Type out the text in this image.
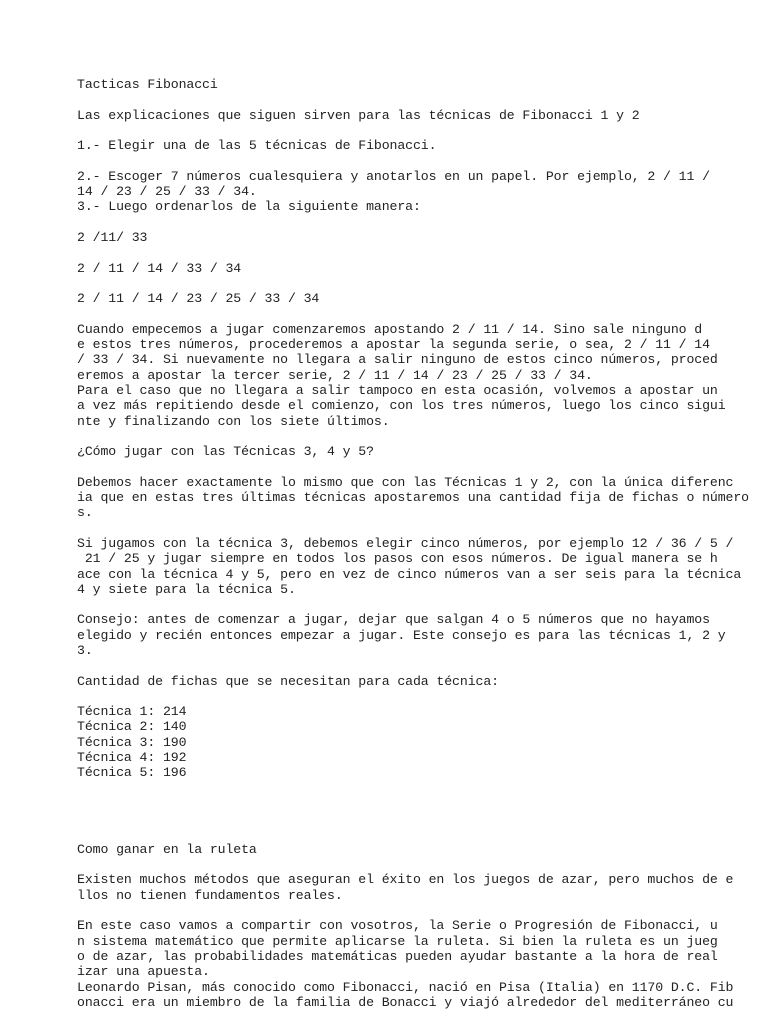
Tacticas Fibonacci
Las explicaciones que siguen sirven para las técnicas de Fibonacci 1 y 2
1.- Elegir una de las 5 técnicas de Fibonacci.
2.- Escoger 7 números cualesquiera y anotarlos en un papel. Por ejemplo, 2 / 11 /
14 / 23 / 25 / 33 / 34.
3.- Luego ordenarlos de la siguiente manera:
2 /11/ 33
2 / 11 / 14 / 33 / 34
2 / 11 / 14 / 23 / 25 / 33 / 34
Cuando empecemos a jugar comenzaremos apostando 2 / 11 / 14. Sino sale ninguno d
e estos tres números, procederemos a apostar la segunda serie, o sea, 2 / 11 / 14
/ 33 / 34. Si nuevamente no llegara a salir ninguno de estos cinco números, proced
eremos a apostar la tercer serie, 2 / 11 / 14 / 23 / 25 / 33 / 34.
Para el caso que no llegara a salir tampoco en esta ocasión, volvemos a apostar un
a vez más repitiendo desde el comienzo, con los tres números, luego los cinco sigui
nte y finalizando con los siete últimos.
¿Cómo jugar con las Técnicas 3, 4 y 5?
Debemos hacer exactamente lo mismo que con las Técnicas 1 y 2, con la única diferenc
ia que en estas tres últimas técnicas apostaremos una cantidad fija de fichas o número
s.
Si jugamos con la técnica 3, debemos elegir cinco números, por ejemplo 12 / 36 / 5 /
21 / 25 y jugar siempre en todos los pasos con esos números. De igual manera se h
ace con la técnica 4 y 5, pero en vez de cinco números van a ser seis para la técnica
4 y siete para la técnica 5.
Consejo: antes de comenzar a jugar, dejar que salgan 4 o 5 números que no hayamos
elegido y recién entonces empezar a jugar. Este consejo es para las técnicas 1, 2 y
3.
Cantidad de fichas que se necesitan para cada técnica:
Técnica 1: 214
Técnica 2: 140
Técnica 3: 190
Técnica 4: 192
Técnica 5: 196
Como ganar en la ruleta
Existen muchos métodos que aseguran el éxito en los juegos de azar, pero muchos de e
llos no tienen fundamentos reales.
En este caso vamos a compartir con vosotros, la Serie o Progresión de Fibonacci, u
n sistema matemático que permite aplicarse la ruleta. Si bien la ruleta es un jueg
o de azar, las probabilidades matemáticas pueden ayudar bastante a la hora de real
izar una apuesta.
Leonardo Pisan, más conocido como Fibonacci, nació en Pisa (Italia) en 1170 D.C. Fib
onacci era un miembro de la familia de Bonacci y viajó alrededor del mediterráneo cu
